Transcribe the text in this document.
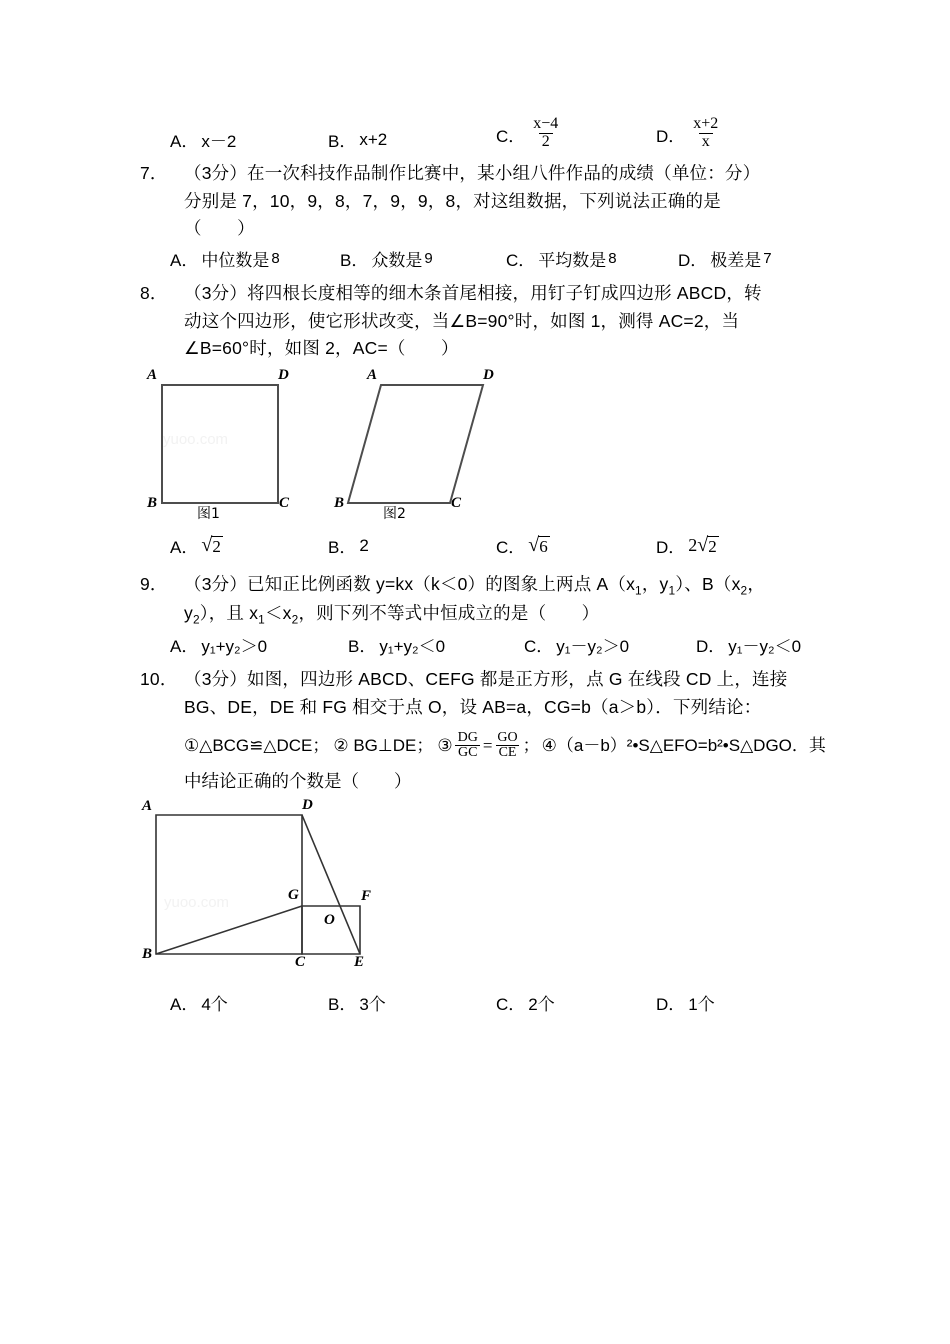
A． x－2	B． x+2	C． $\frac{x-4}{2}$	D． $\frac{x+2}{x}$
7． （3分）在一次科技作品制作比赛中，某小组八件作品的成绩（单位：分）
分别是 7，10，9，8，7，9，9，8，对这组数据，下列说法正确的是
（　　）
A． 中位数是 8	B． 众数是 9	C． 平均数是 8	D． 极差是 7
8． （3分）将四根长度相等的细木条首尾相接，用钉子钉成四边形 ABCD，转
动这个四边形，使它形状改变，当∠B=90°时，如图 1，测得 AC=2，当
∠B=60°时，如图 2，AC=（　　）
A	D
B	C
图1
yuoo.com
A	D
B	C
图2
A． √ 2	B． 2	C． √ 6	D． 2 √ 2
9． （3分）已知正比例函数 y=kx（k＜0）的图象上两点 $A(x_1$，$y_1$）、$B(x_2$，
$y_2$），且 $x_1<x_2$，则下列不等式中恒成立的是（　　）
A． y₁+y₂＞0	B． y₁+y₂＜0	C． y₁－y₂＞0	D． y₁－y₂＜0
10． （3分）如图，四边形 ABCD、CEFG 都是正方形，点 G 在线段 CD 上，连接
BG、DE，DE 和 FG 相交于点 O，设 AB=a，CG=b（a＞b）．下列结论：
①△BCG≌△DCE； ② BG⊥DE； ③ $\frac{DG}{GC} = \frac{GO}{CE}$ ； ④（a－b）²•S△EFO=b²•S△DGO．其
中结论正确的个数是（　　）
A	D
G	F
O
B	C	E
yuoo.com
A． 4个	B． 3个	C． 2个	D． 1个
